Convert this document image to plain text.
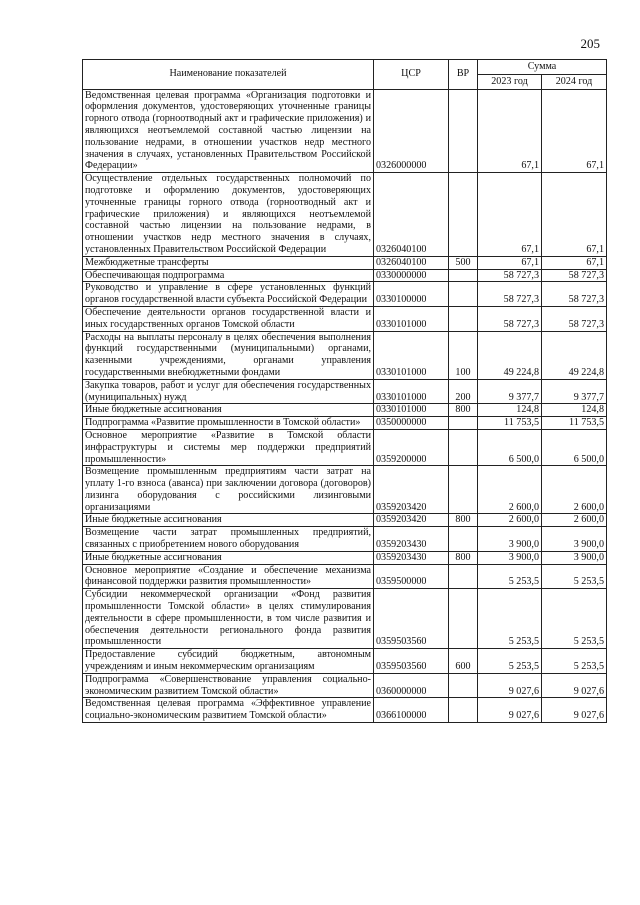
205
Наименование показателей	ЦСР	ВР	Сумма	
			2023 год	2024 год
Ведомственная целевая программа «Организация подготовки и оформления документов, удостоверяющих уточненные границы горного отвода (горноотводный акт и графические приложения) и являющихся неотъемлемой составной частью лицензии на пользование недрами, в отношении участков недр местного значения в случаях, установленных Правительством Российской Федерации»	0326000000		67,1	67,1
Осуществление отдельных государственных полномочий по подготовке и оформлению документов, удостоверяющих уточненные границы горного отвода (горноотводный акт и графические приложения) и являющихся неотъемлемой составной частью лицензии на пользование недрами, в отношении участков недр местного значения в случаях, установленных Правительством Российской Федерации	0326040100		67,1	67,1
Межбюджетные трансферты	0326040100	500	67,1	67,1
Обеспечивающая подпрограмма	0330000000		58 727,3	58 727,3
Руководство и управление в сфере установленных функций органов государственной власти субъекта Российской Федерации	0330100000		58 727,3	58 727,3
Обеспечение деятельности органов государственной власти и иных государственных органов Томской области	0330101000		58 727,3	58 727,3
Расходы на выплаты персоналу в целях обеспечения выполнения функций государственными (муниципальными) органами, казенными учреждениями, органами управления государственными внебюджетными фондами	0330101000	100	49 224,8	49 224,8
Закупка товаров, работ и услуг для обеспечения государственных (муниципальных) нужд	0330101000	200	9 377,7	9 377,7
Иные бюджетные ассигнования	0330101000	800	124,8	124,8
Подпрограмма «Развитие промышленности в Томской области»	0350000000		11 753,5	11 753,5
Основное мероприятие «Развитие в Томской области инфраструктуры и системы мер поддержки предприятий промышленности»	0359200000		6 500,0	6 500,0
Возмещение промышленным предприятиям части затрат на уплату 1-го взноса (аванса) при заключении договора (договоров) лизинга оборудования с российскими лизинговыми организациями	0359203420		2 600,0	2 600,0
Иные бюджетные ассигнования	0359203420	800	2 600,0	2 600,0
Возмещение части затрат промышленных предприятий, связанных с приобретением нового оборудования	0359203430		3 900,0	3 900,0
Иные бюджетные ассигнования	0359203430	800	3 900,0	3 900,0
Основное мероприятие «Создание и обеспечение механизма финансовой поддержки развития промышленности»	0359500000		5 253,5	5 253,5
Субсидии некоммерческой организации «Фонд развития промышленности Томской области» в целях стимулирования деятельности в сфере промышленности, в том числе развития и обеспечения деятельности регионального фонда развития промышленности	0359503560		5 253,5	5 253,5
Предоставление субсидий бюджетным, автономным учреждениям и иным некоммерческим организациям	0359503560	600	5 253,5	5 253,5
Подпрограмма «Совершенствование управления социально-экономическим развитием Томской области»	0360000000		9 027,6	9 027,6
Ведомственная целевая программа «Эффективное управление социально-экономическим развитием Томской области»	0366100000		9 027,6	9 027,6
